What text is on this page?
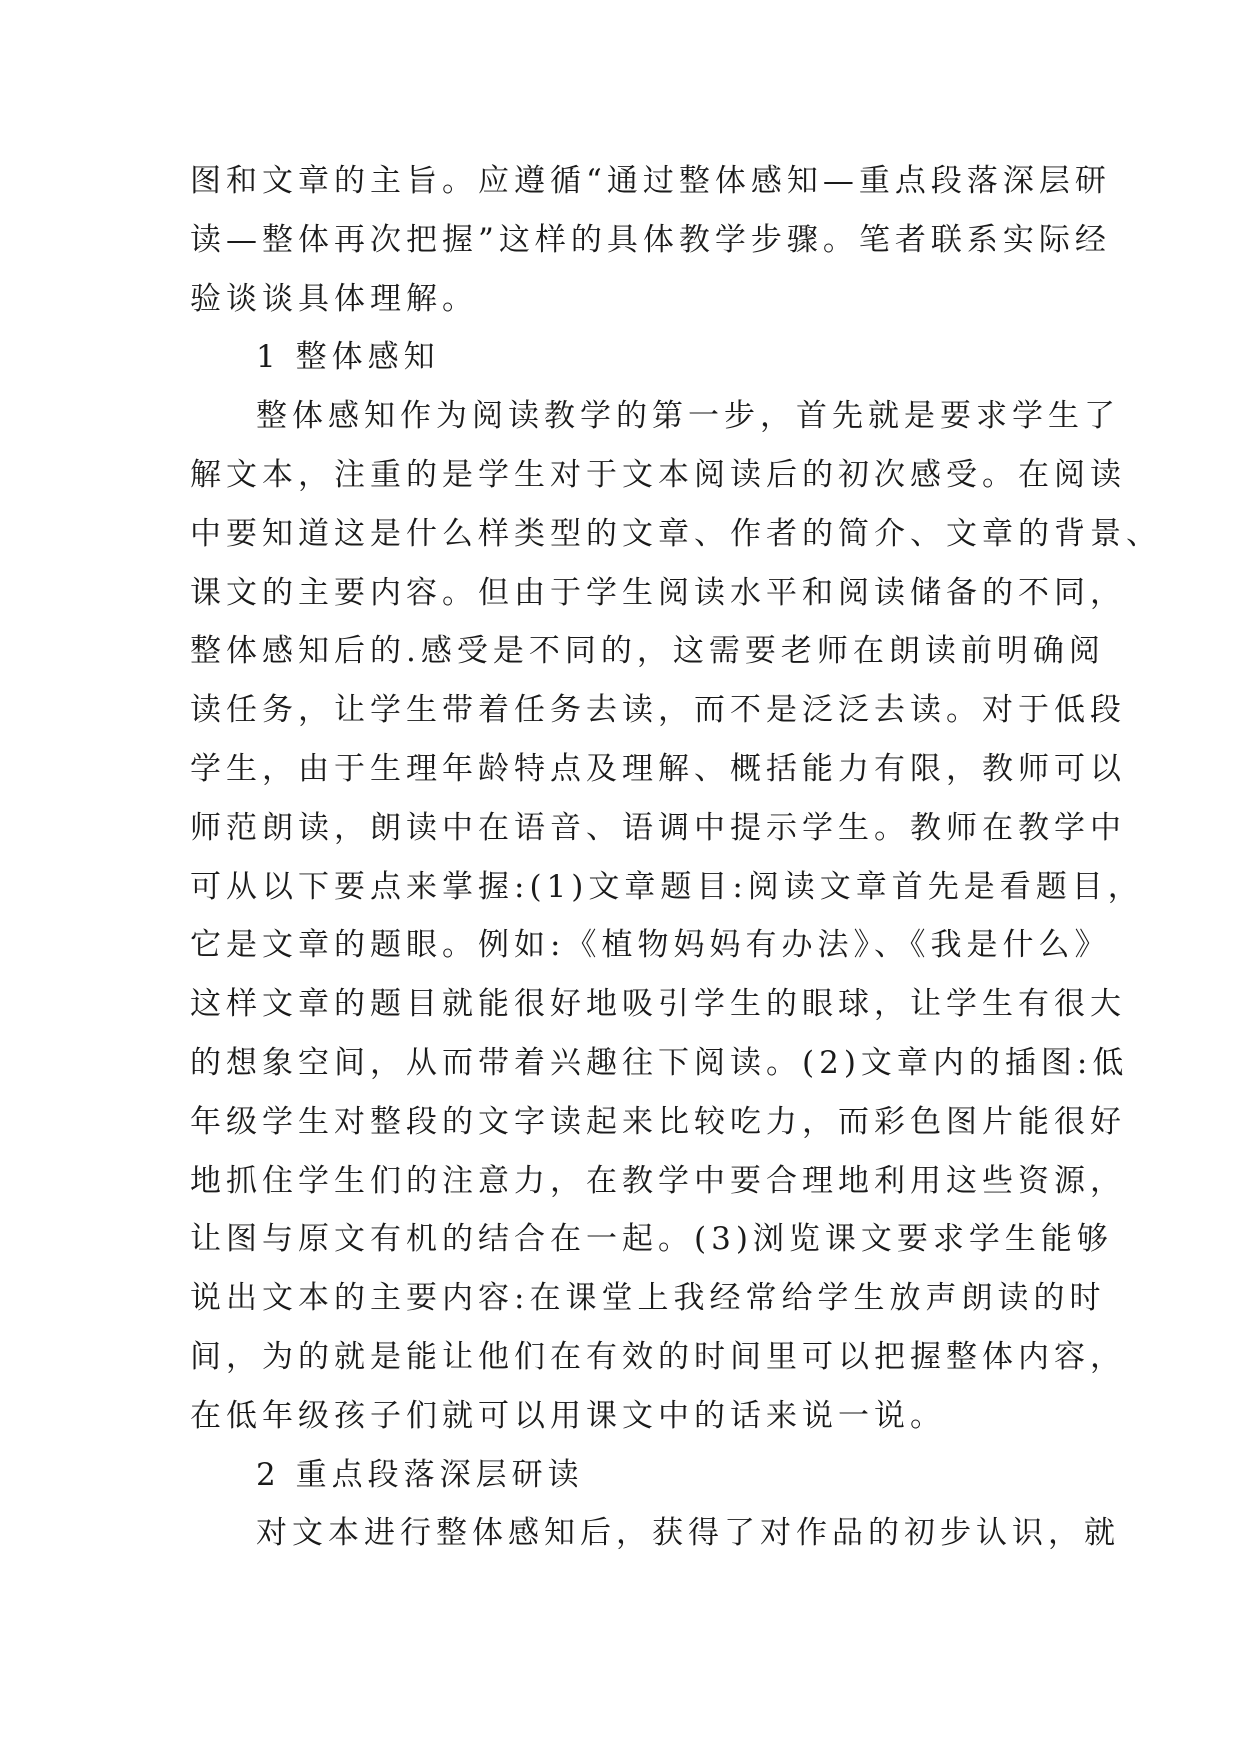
图和文章的主旨。应遵循“通过整体感知—重点段落深层研

读—整体再次把握”这样的具体教学步骤。笔者联系实际经

验谈谈具体理解。

1 整体感知

整体感知作为阅读教学的第一步，首先就是要求学生了

解文本，注重的是学生对于文本阅读后的初次感受。在阅读

中要知道这是什么样类型的文章、作者的简介、文章的背景、

课文的主要内容。但由于学生阅读水平和阅读储备的不同，

整体感知后的.感受是不同的，这需要老师在朗读前明确阅

读任务，让学生带着任务去读，而不是泛泛去读。对于低段

学生，由于生理年龄特点及理解、概括能力有限，教师可以

师范朗读，朗读中在语音、语调中提示学生。教师在教学中

可从以下要点来掌握:(1)文章题目:阅读文章首先是看题目，

它是文章的题眼。例如:《植物妈妈有办法》、《我是什么》

这样文章的题目就能很好地吸引学生的眼球，让学生有很大

的想象空间，从而带着兴趣往下阅读。(2)文章内的插图:低

年级学生对整段的文字读起来比较吃力，而彩色图片能很好

地抓住学生们的注意力，在教学中要合理地利用这些资源，

让图与原文有机的结合在一起。(3)浏览课文要求学生能够

说出文本的主要内容:在课堂上我经常给学生放声朗读的时

间，为的就是能让他们在有效的时间里可以把握整体内容，

在低年级孩子们就可以用课文中的话来说一说。

2 重点段落深层研读

对文本进行整体感知后，获得了对作品的初步认识，就
